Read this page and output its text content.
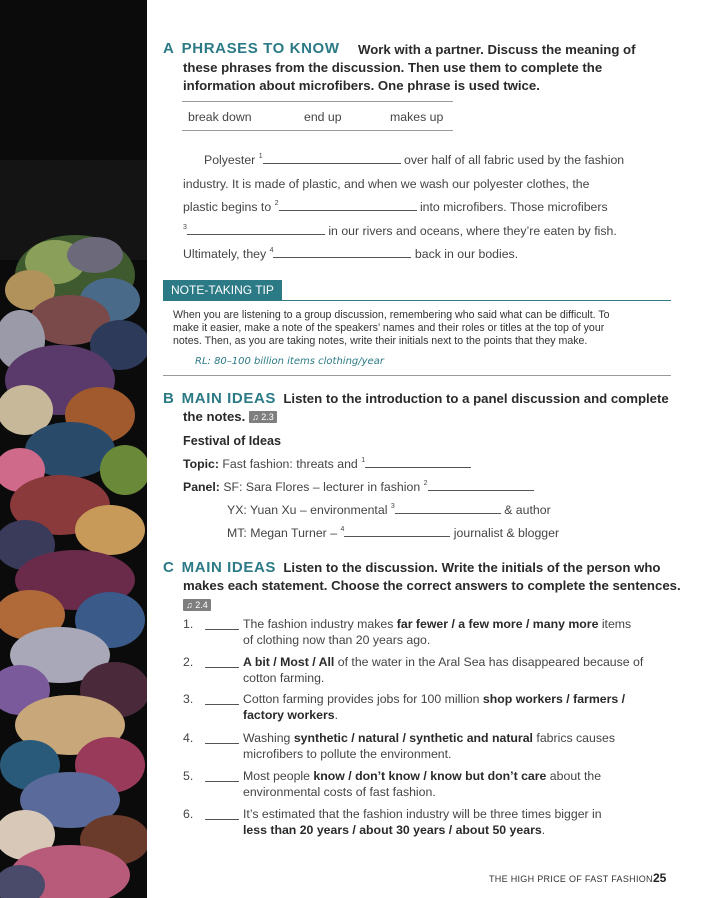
A PHRASES TO KNOW	Work with a partner. Discuss the meaning of these phrases from the discussion. Then use them to complete the information about microfibers. One phrase is used twice.
break down	end up	makes up
Polyester $^1$	over half of all fabric used by the fashion
industry. It is made of plastic, and when we wash our polyester clothes, the
plastic begins to $^2$	into microfibers. Those microfibers
$^3$	in our rivers and oceans, where they’re eaten by fish.
Ultimately, they $^4$	back in our bodies.
NOTE-TAKING TIP
When you are listening to a group discussion, remembering who said what can be difficult. To
make it easier, make a note of the speakers’ names and their roles or titles at the top of your
notes. Then, as you are taking notes, write their initials next to the points that they make.
RL: 80–100 billion items clothing/year
B MAIN IDEAS Listen to the introduction to a panel discussion and complete
the notes. ♫ 2.3
Festival of Ideas
Topic: Fast fashion: threats and $^1$
Panel: SF: Sara Flores – lecturer in fashion $^2$
YX: Yuan Xu – environmental $^3$	& author
MT: Megan Turner – $^4$	journalist & blogger
C MAIN IDEAS Listen to the discussion. Write the initials of the person who
makes each statement. Choose the correct answers to complete the sentences.
♫ 2.4
1.	The fashion industry makes far fewer / a few more / many more items
of clothing now than 20 years ago.
2.	A bit / Most / All of the water in the Aral Sea has disappeared because of
cotton farming.
3.	Cotton farming provides jobs for 100 million shop workers / farmers /
factory workers.
4.	Washing synthetic / natural / synthetic and natural fabrics causes
microfibers to pollute the environment.
5.	Most people know / don’t know / know but don’t care about the
environmental costs of fast fashion.
6.	It’s estimated that the fashion industry will be three times bigger in
less than 20 years / about 30 years / about 50 years.
THE HIGH PRICE OF FAST FASHION 25
